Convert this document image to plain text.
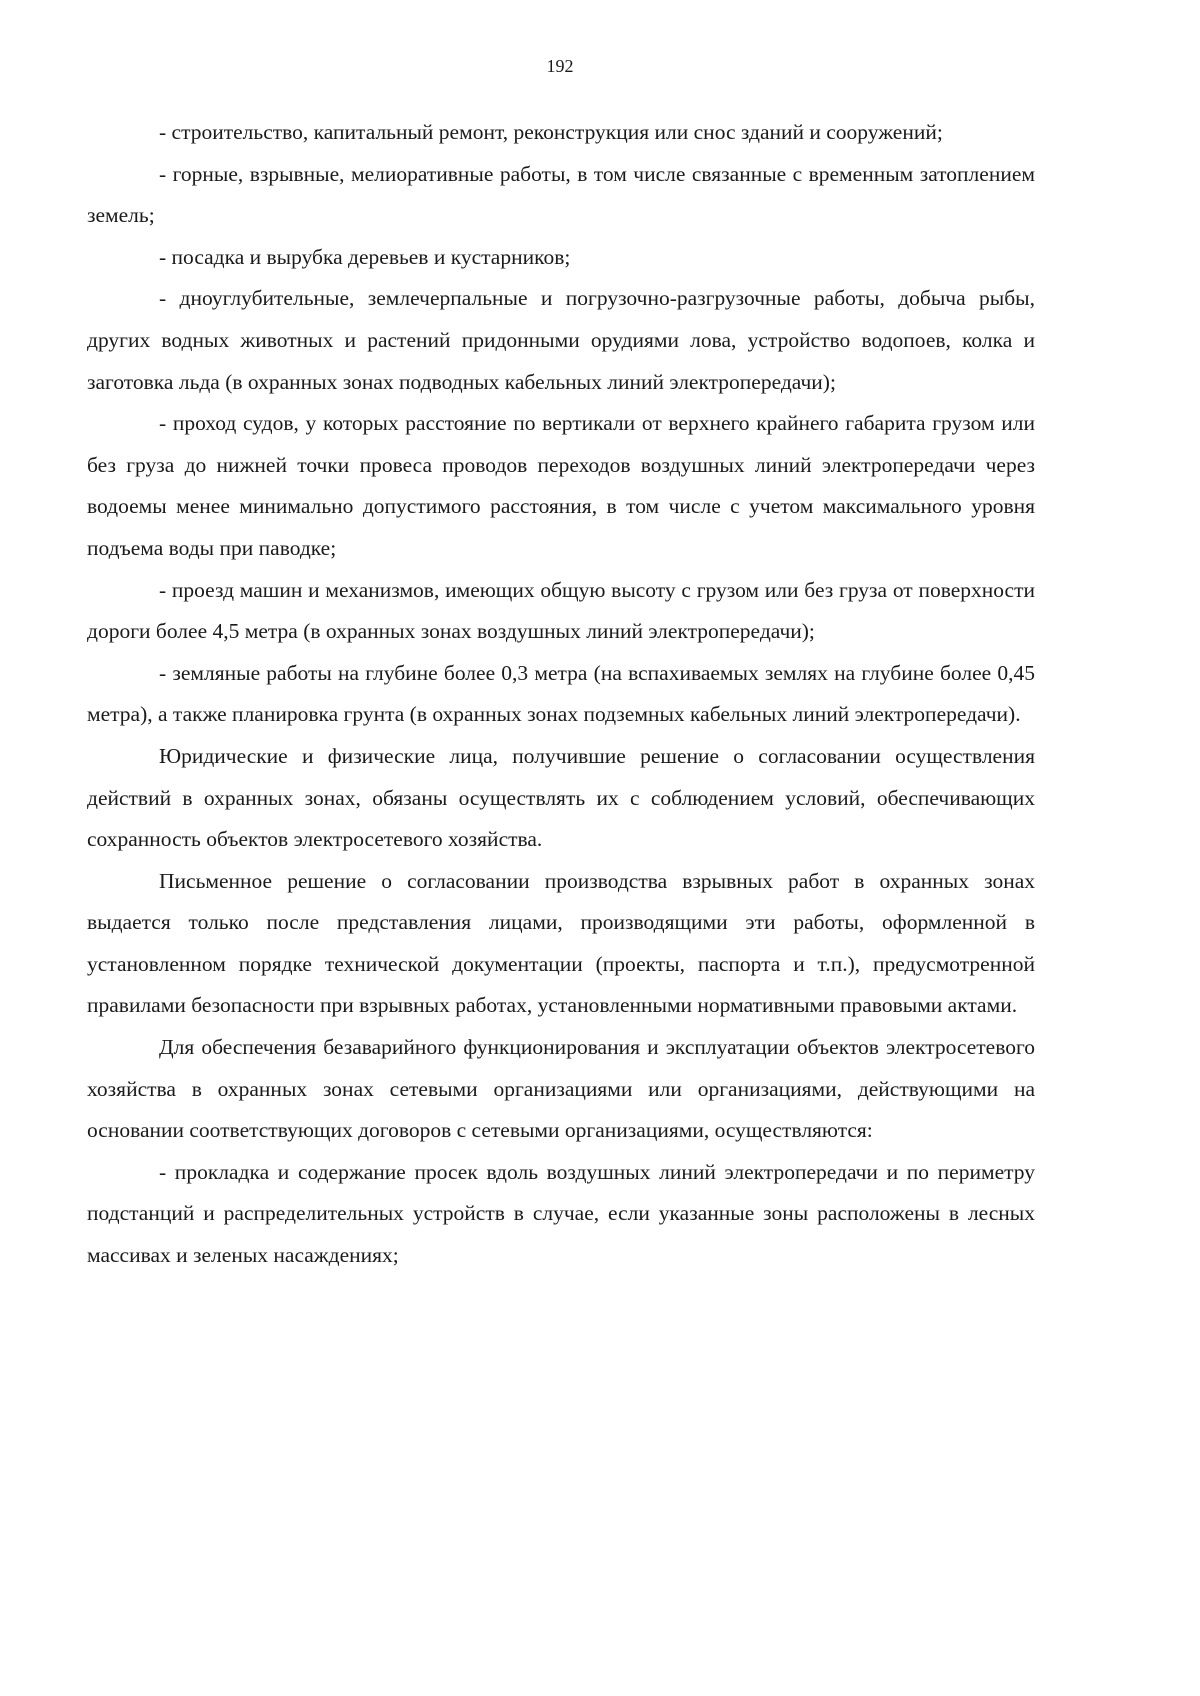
192

- строительство, капитальный ремонт, реконструкция или снос зданий и сооружений;

- горные, взрывные, мелиоративные работы, в том числе связанные с временным затоплением земель;

- посадка и вырубка деревьев и кустарников;

- дноуглубительные, землечерпальные и погрузочно-разгрузочные работы, добыча рыбы, других водных животных и растений придонными орудиями лова, устройство водопоев, колка и заготовка льда (в охранных зонах подводных кабельных линий электропередачи);

- проход судов, у которых расстояние по вертикали от верхнего крайнего габарита грузом или без груза до нижней точки провеса проводов переходов воздушных линий электропередачи через водоемы менее минимально допустимого расстояния, в том числе с учетом максимального уровня подъема воды при паводке;

- проезд машин и механизмов, имеющих общую высоту с грузом или без груза от поверхности дороги более 4,5 метра (в охранных зонах воздушных линий электропередачи);

- земляные работы на глубине более 0,3 метра (на вспахиваемых землях на глубине более 0,45 метра), а также планировка грунта (в охранных зонах подземных кабельных линий электропередачи).

Юридические и физические лица, получившие решение о согласовании осуществления действий в охранных зонах, обязаны осуществлять их с соблюдением условий, обеспечивающих сохранность объектов электросетевого хозяйства.

Письменное решение о согласовании производства взрывных работ в охранных зонах выдается только после представления лицами, производящими эти работы, оформленной в установленном порядке технической документации (проекты, паспорта и т.п.), предусмотренной правилами безопасности при взрывных работах, установленными нормативными правовыми актами.

Для обеспечения безаварийного функционирования и эксплуатации объектов электросетевого хозяйства в охранных зонах сетевыми организациями или организациями, действующими на основании соответствующих договоров с сетевыми организациями, осуществляются:

- прокладка и содержание просек вдоль воздушных линий электропередачи и по периметру подстанций и распределительных устройств в случае, если указанные зоны расположены в лесных массивах и зеленых насаждениях;
